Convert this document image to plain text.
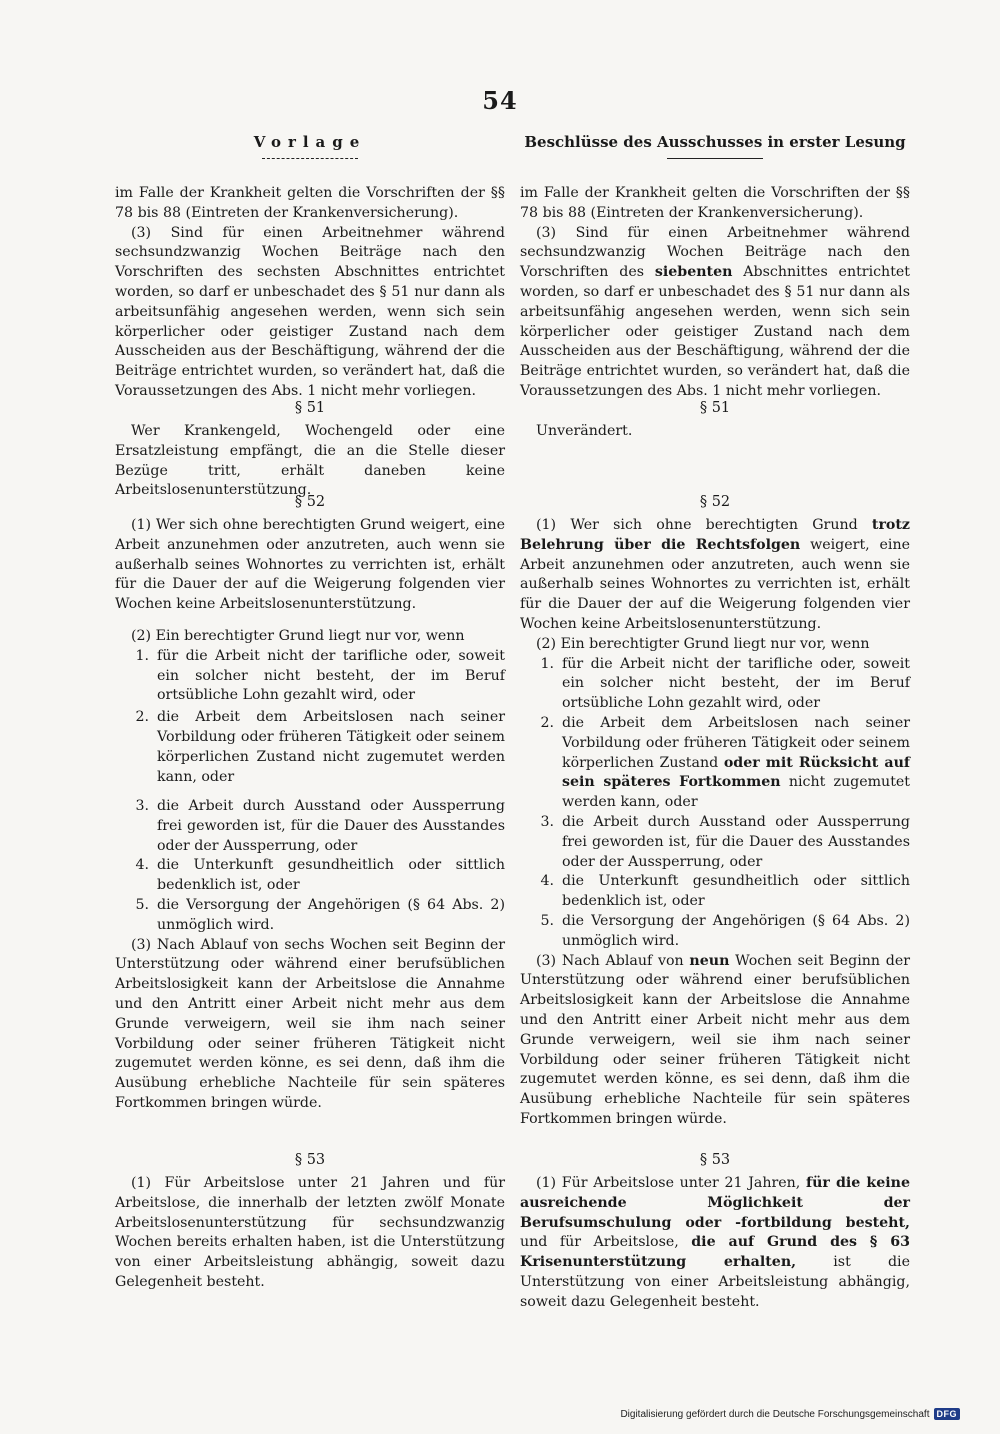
54
Vorlage

im Falle der Krankheit gelten die Vorschriften der §§ 78 bis 88 (Eintreten der Krankenversicherung).

(3) Sind für einen Arbeitnehmer während sechsundzwanzig Wochen Beiträge nach den Vorschriften des sechsten Abschnittes entrichtet worden, so darf er unbeschadet des § 51 nur dann als arbeitsunfähig angesehen werden, wenn sich sein körperlicher oder geistiger Zustand nach dem Ausscheiden aus der Beschäftigung, während der die Beiträge entrichtet wurden, so verändert hat, daß die Voraussetzungen des Abs. 1 nicht mehr vorliegen.

§ 51

Wer Krankengeld, Wochengeld oder eine Ersatzleistung empfängt, die an die Stelle dieser Bezüge tritt, erhält daneben keine Arbeitslosenunterstützung.

§ 52

(1) Wer sich ohne berechtigten Grund weigert, eine Arbeit anzunehmen oder anzutreten, auch wenn sie außerhalb seines Wohnortes zu verrichten ist, erhält für die Dauer der auf die Weigerung folgenden vier Wochen keine Arbeitslosenunterstützung.

(2) Ein berechtigter Grund liegt nur vor, wenn

1. für die Arbeit nicht der tarifliche oder, soweit ein solcher nicht besteht, der im Beruf ortsübliche Lohn gezahlt wird, oder
2. die Arbeit dem Arbeitslosen nach seiner Vorbildung oder früheren Tätigkeit oder seinem körperlichen Zustand nicht zugemutet werden kann, oder
3. die Arbeit durch Ausstand oder Aussperrung frei geworden ist, für die Dauer des Ausstandes oder der Aussperrung, oder
4. die Unterkunft gesundheitlich oder sittlich bedenklich ist, oder
5. die Versorgung der Angehörigen (§ 64 Abs. 2) unmöglich wird.

(3) Nach Ablauf von sechs Wochen seit Beginn der Unterstützung oder während einer berufsüblichen Arbeitslosigkeit kann der Arbeitslose die Annahme und den Antritt einer Arbeit nicht mehr aus dem Grunde verweigern, weil sie ihm nach seiner Vorbildung oder seiner früheren Tätigkeit nicht zugemutet werden könne, es sei denn, daß ihm die Ausübung erhebliche Nachteile für sein späteres Fortkommen bringen würde.

§ 53

(1) Für Arbeitslose unter 21 Jahren und für Arbeitslose, die innerhalb der letzten zwölf Monate Arbeitslosenunterstützung für sechsundzwanzig Wochen bereits erhalten haben, ist die Unterstützung von einer Arbeitsleistung abhängig, soweit dazu Gelegenheit besteht.

Beschlüsse des Ausschusses in erster Lesung

im Falle der Krankheit gelten die Vorschriften der §§ 78 bis 88 (Eintreten der Krankenversicherung).

(3) Sind für einen Arbeitnehmer während sechsundzwanzig Wochen Beiträge nach den Vorschriften des siebenten Abschnittes entrichtet worden, so darf er unbeschadet des § 51 nur dann als arbeitsunfähig angesehen werden, wenn sich sein körperlicher oder geistiger Zustand nach dem Ausscheiden aus der Beschäftigung, während der die Beiträge entrichtet wurden, so verändert hat, daß die Voraussetzungen des Abs. 1 nicht mehr vorliegen.

§ 51

Unverändert.

§ 52

(1) Wer sich ohne berechtigten Grund trotz Belehrung über die Rechtsfolgen weigert, eine Arbeit anzunehmen oder anzutreten, auch wenn sie außerhalb seines Wohnortes zu verrichten ist, erhält für die Dauer der auf die Weigerung folgenden vier Wochen keine Arbeitslosenunterstützung.

(2) Ein berechtigter Grund liegt nur vor, wenn

1. für die Arbeit nicht der tarifliche oder, soweit ein solcher nicht besteht, der im Beruf ortsübliche Lohn gezahlt wird, oder
2. die Arbeit dem Arbeitslosen nach seiner Vorbildung oder früheren Tätigkeit oder seinem körperlichen Zustand oder mit Rücksicht auf sein späteres Fortkommen nicht zugemutet werden kann, oder
3. die Arbeit durch Ausstand oder Aussperrung frei geworden ist, für die Dauer des Ausstandes oder der Aussperrung, oder
4. die Unterkunft gesundheitlich oder sittlich bedenklich ist, oder
5. die Versorgung der Angehörigen (§ 64 Abs. 2) unmöglich wird.

(3) Nach Ablauf von neun Wochen seit Beginn der Unterstützung oder während einer berufsüblichen Arbeitslosigkeit kann der Arbeitslose die Annahme und den Antritt einer Arbeit nicht mehr aus dem Grunde verweigern, weil sie ihm nach seiner Vorbildung oder seiner früheren Tätigkeit nicht zugemutet werden könne, es sei denn, daß ihm die Ausübung erhebliche Nachteile für sein späteres Fortkommen bringen würde.

§ 53

(1) Für Arbeitslose unter 21 Jahren, für die keine ausreichende Möglichkeit der Berufsumschulung oder -fortbildung besteht, und für Arbeitslose, die auf Grund des § 63 Krisenunterstützung erhalten, ist die Unterstützung von einer Arbeitsleistung abhängig, soweit dazu Gelegenheit besteht.

Digitalisierung gefördert durch die Deutsche Forschungsgemeinschaft DFG
